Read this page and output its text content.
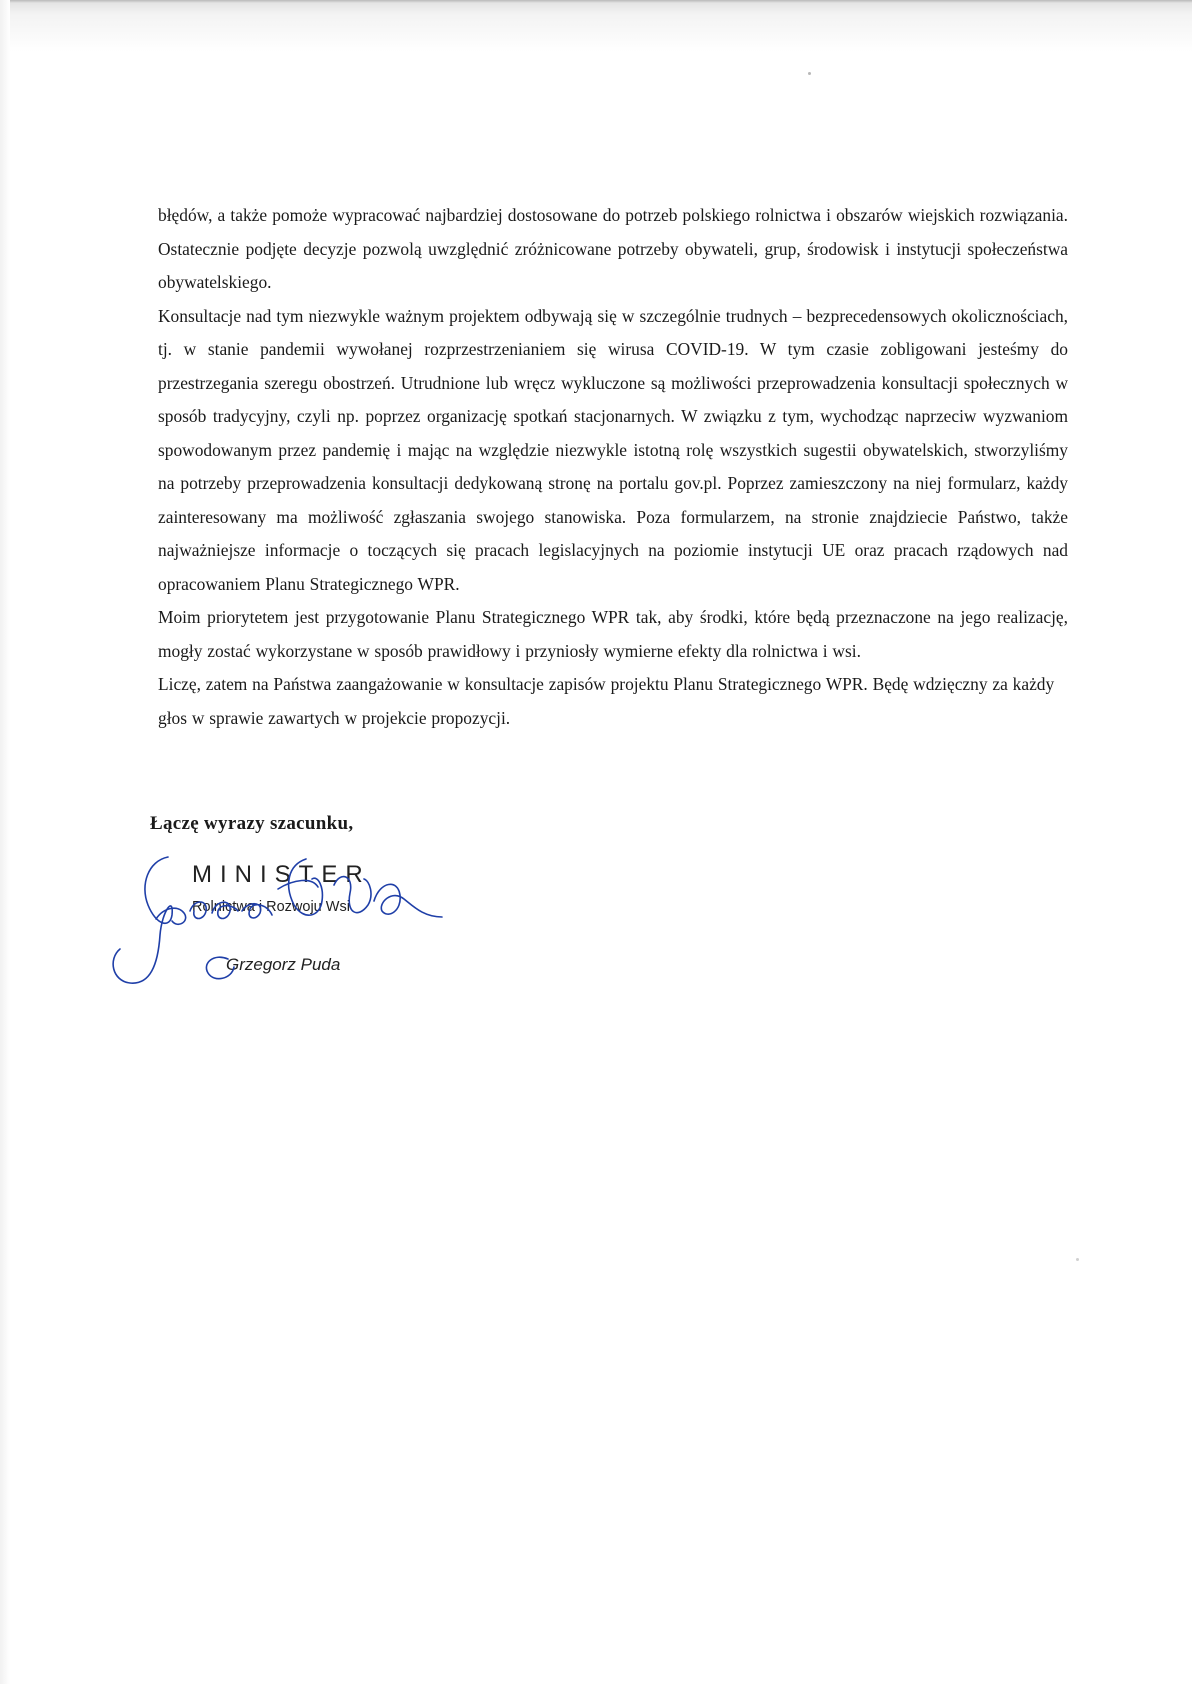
błędów, a także pomoże wypracować najbardziej dostosowane do potrzeb polskiego rolnictwa i obszarów wiejskich rozwiązania. Ostatecznie podjęte decyzje pozwolą uwzględnić zróżnicowane potrzeby obywateli, grup, środowisk i instytucji społeczeństwa obywatelskiego.

Konsultacje nad tym niezwykle ważnym projektem odbywają się w szczególnie trudnych – bezprecedensowych okolicznościach, tj. w stanie pandemii wywołanej rozprzestrzenianiem się wirusa COVID-19. W tym czasie zobligowani jesteśmy do przestrzegania szeregu obostrzeń. Utrudnione lub wręcz wykluczone są możliwości przeprowadzenia konsultacji społecznych w sposób tradycyjny, czyli np. poprzez organizację spotkań stacjonarnych. W związku z tym, wychodząc naprzeciw wyzwaniom spowodowanym przez pandemię i mając na względzie niezwykle istotną rolę wszystkich sugestii obywatelskich, stworzyliśmy na potrzeby przeprowadzenia konsultacji dedykowaną stronę na portalu gov.pl. Poprzez zamieszczony na niej formularz, każdy zainteresowany ma możliwość zgłaszania swojego stanowiska. Poza formularzem, na stronie znajdziecie Państwo, także najważniejsze informacje o toczących się pracach legislacyjnych na poziomie instytucji UE oraz pracach rządowych nad opracowaniem Planu Strategicznego WPR.

Moim priorytetem jest przygotowanie Planu Strategicznego WPR tak, aby środki, które będą przeznaczone na jego realizację, mogły zostać wykorzystane w sposób prawidłowy i przyniosły wymierne efekty dla rolnictwa i wsi.

Liczę, zatem na Państwa zaangażowanie w konsultacje zapisów projektu Planu Strategicznego WPR. Będę wdzięczny za każdy głos w sprawie zawartych w projekcie propozycji.

Łączę wyrazy szacunku,

MINISTER
Rolnictwa i Rozwoju Wsi
Grzegorz Puda
